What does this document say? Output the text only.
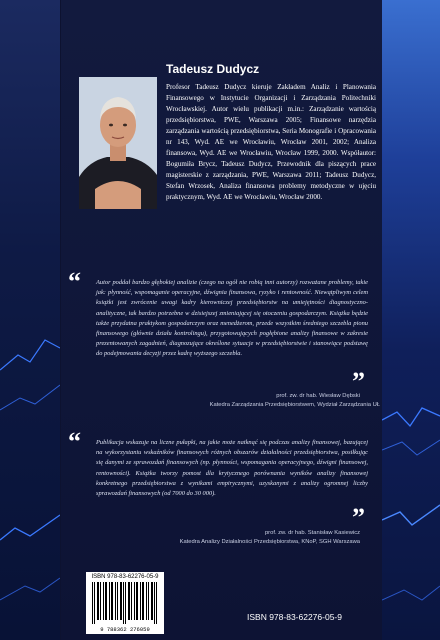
Tadeusz Dudycz
Profesor Tadeusz Dudycz kieruje Zakładem Analiz i Planowania Finansowego w Instytucie Organizacji i Zarządzania Politechniki Wrocławskiej. Autor wielu publikacji m.in.: Zarządzanie wartością przedsiębiorstwa, PWE, Warszawa 2005; Finansowe narzędzia zarządzania wartością przedsiębiorstwa, Seria Monografie i Opracowania nr 143, Wyd. AE we Wrocławiu, Wrocław 2001, 2002; Analiza finansowa, Wyd. AE we Wrocławiu, Wrocław 1999, 2000. Współautor: Bogumiła Brycz, Tadeusz Dudycz, Przewodnik dla piszących prace magisterskie z zarządzania, PWE, Warszawa 2011; Tadeusz Dudycz, Stefan Wrzosek, Analiza finansowa problemy metodyczne w ujęciu praktycznym, Wyd. AE we Wrocławiu, Wrocław 2000.
“ Autor poddał bardzo głębokiej analizie (czego na ogół nie robią inni autorzy) rozważane problemy, takie jak: płynność, wspomaganie operacyjne, dźwignia finansowa, ryzyko i rentowność. Niewątpliwym celem książki jest zwrócenie uwagi kadry kierowniczej przedsiębiorstw na umiejętności diagnostyczno-analityczne, tak bardzo potrzebne w dzisiejszej zmieniającej się otoczeniu gospodarczym. Książka będzie także przydatna praktykom gospodarczym oraz menedżerom, przede wszystkim średniego szczebla pionu finansowego (głównie działu kontrolingu), przygotowujących pogłębione analizy finansowe w zakresie prezentowanych zagadnień, diagnozujące określone sytuacje w przedsiębiorstwie i stanowiące podstawę do podejmowania decyzji przez kadrę wyższego szczebla.
”
prof. zw. dr hab. Wiesław Dębski
Katedra Zarządzania Przedsiębiorstwem, Wydział Zarządzania UŁ
“ Publikacja wskazuje na liczne pułapki, na jakie może natknąć się podczas analizy finansowej, bazującej na wykorzystaniu wskaźników finansowych różnych obszarów działalności przedsiębiorstwa, posiłkując się danymi ze sprawozdań finansowych (np. płynności, wspomagania operacyjnego, dźwigni finansowej, rentowności). Książka tworzy pomost dla krytycznego porównania wyników analizy finansowej konkretnego przedsiębiorstwa z wynikami empirycznymi, uzyskanymi z analizy ogromnej liczby sprawozdań finansowych (od 7000 do 30 000).
”
prof. zw. dr hab. Stanisław Kasiewicz
Katedra Analizy Działalności Przedsiębiorstwa, KNoP, SGH Warszawa
ISBN 978-83-62276-05-9
9 788362 276059
ISBN 978-83-62276-05-9
